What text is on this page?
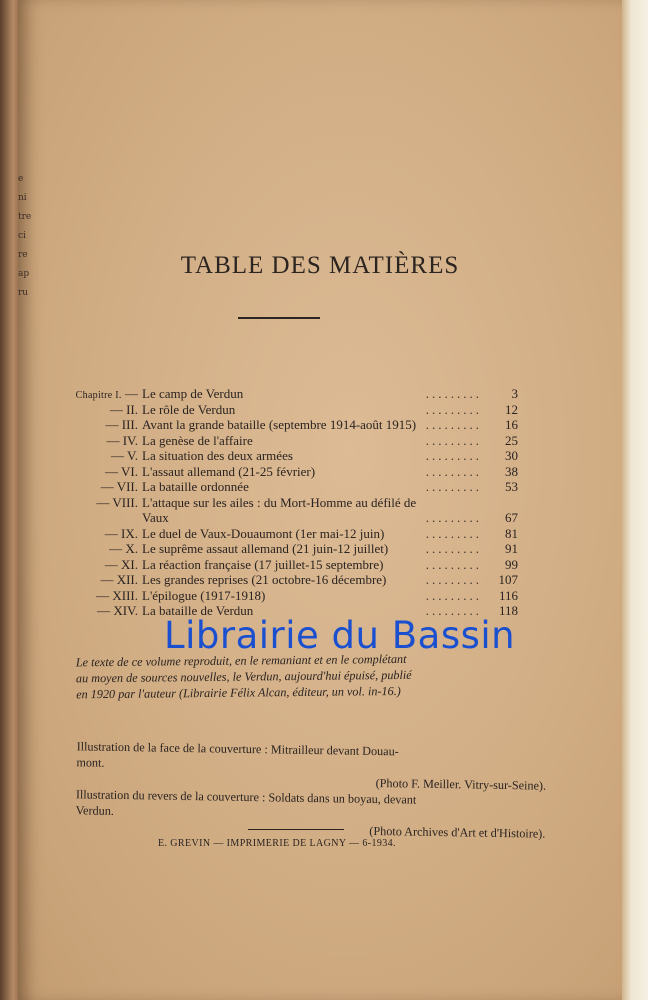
e
ni
tre
ci
re
ap
ru
TABLE DES MATIÈRES
Chapitre I. — Le camp de Verdun	.........	3
— II. Le rôle de Verdun	.........	12
— III. Avant la grande bataille (septembre 1914-août 1915) .........	16
— IV. La genèse de l'affaire	.........	25
— V. La situation des deux armées	.........	30
— VI. L'assaut allemand (21-25 février)	.........	38
— VII. La bataille ordonnée	.........	53
— VIII. L'attaque sur les ailes : du Mort-Homme au défilé de
Vaux	.........	67
— IX. Le duel de Vaux-Douaumont (1er mai-12 juin)	.........	81
— X. Le suprême assaut allemand (21 juin-12 juillet)	.........	91
— XI. La réaction française (17 juillet-15 septembre)	.........	99
— XII. Les grandes reprises (21 octobre-16 décembre)	.........	107
— XIII. L'épilogue (1917-1918)	.........	116
— XIV. La bataille de Verdun	.........	118
Le texte de ce volume reproduit, en le remaniant et en le complétant
au moyen de sources nouvelles, le Verdun, aujourd'hui épuisé, publié
en 1920 par l'auteur (Librairie Félix Alcan, éditeur, un vol. in-16.)
Illustration de la face de la couverture : Mitrailleur devant Douau-
mont.
(Photo F. Meiller. Vitry-sur-Seine).
Illustration du revers de la couverture : Soldats dans un boyau, devant
Verdun.
(Photo Archives d'Art et d'Histoire).
E. GREVIN — IMPRIMERIE DE LAGNY — 6-1934.
Librairie du Bassin
